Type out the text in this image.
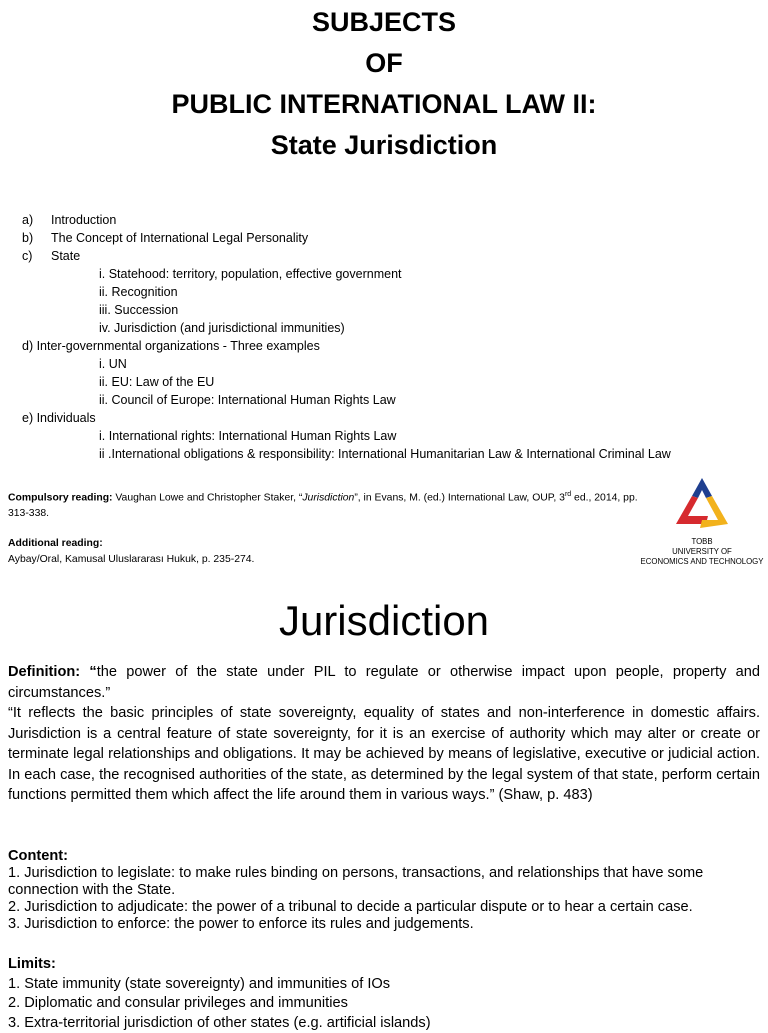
SUBJECTS
OF
PUBLIC INTERNATIONAL LAW II:
State Jurisdiction
a) Introduction
b) The Concept of International Legal Personality
c) State
i. Statehood: territory, population, effective government
ii. Recognition
iii. Succession
iv. Jurisdiction (and jurisdictional immunities)
d) Inter-governmental organizations - Three examples
i. UN
ii. EU: Law of the EU
ii. Council of Europe: International Human Rights Law
e) Individuals
i. International rights: International Human Rights Law
ii .International obligations & responsibility: International Humanitarian Law & International Criminal Law

Compulsory reading: Vaughan Lowe and Christopher Staker, “Jurisdiction”, in Evans, M. (ed.) International Law, OUP, 3rd ed., 2014, pp. 313-338.

Additional reading:

Aybay/Oral, Kamusal Uluslararası Hukuk, p. 235-274.

TOBB
UNIVERSITY OF
ECONOMICS AND TECHNOLOGY
Jurisdiction

Definition: “the power of the state under PIL to regulate or otherwise impact upon people, property and circumstances.”

“It reflects the basic principles of state sovereignty, equality of states and non-interference in domestic affairs. Jurisdiction is a central feature of state sovereignty, for it is an exercise of authority which may alter or create or terminate legal relationships and obligations. It may be achieved by means of legislative, executive or judicial action. In each case, the recognised authorities of the state, as determined by the legal system of that state, perform certain functions permitted them which affect the life around them in various ways.” (Shaw, p. 483)

Content:

1. Jurisdiction to legislate: to make rules binding on persons, transactions, and relationships that have some connection with the State.

2. Jurisdiction to adjudicate: the power of a tribunal to decide a particular dispute or to hear a certain case.

3. Jurisdiction to enforce: the power to enforce its rules and judgements.

Limits:

1. State immunity (state sovereignty) and immunities of IOs

2. Diplomatic and consular privileges and immunities

3. Extra-territorial jurisdiction of other states (e.g. artificial islands)
